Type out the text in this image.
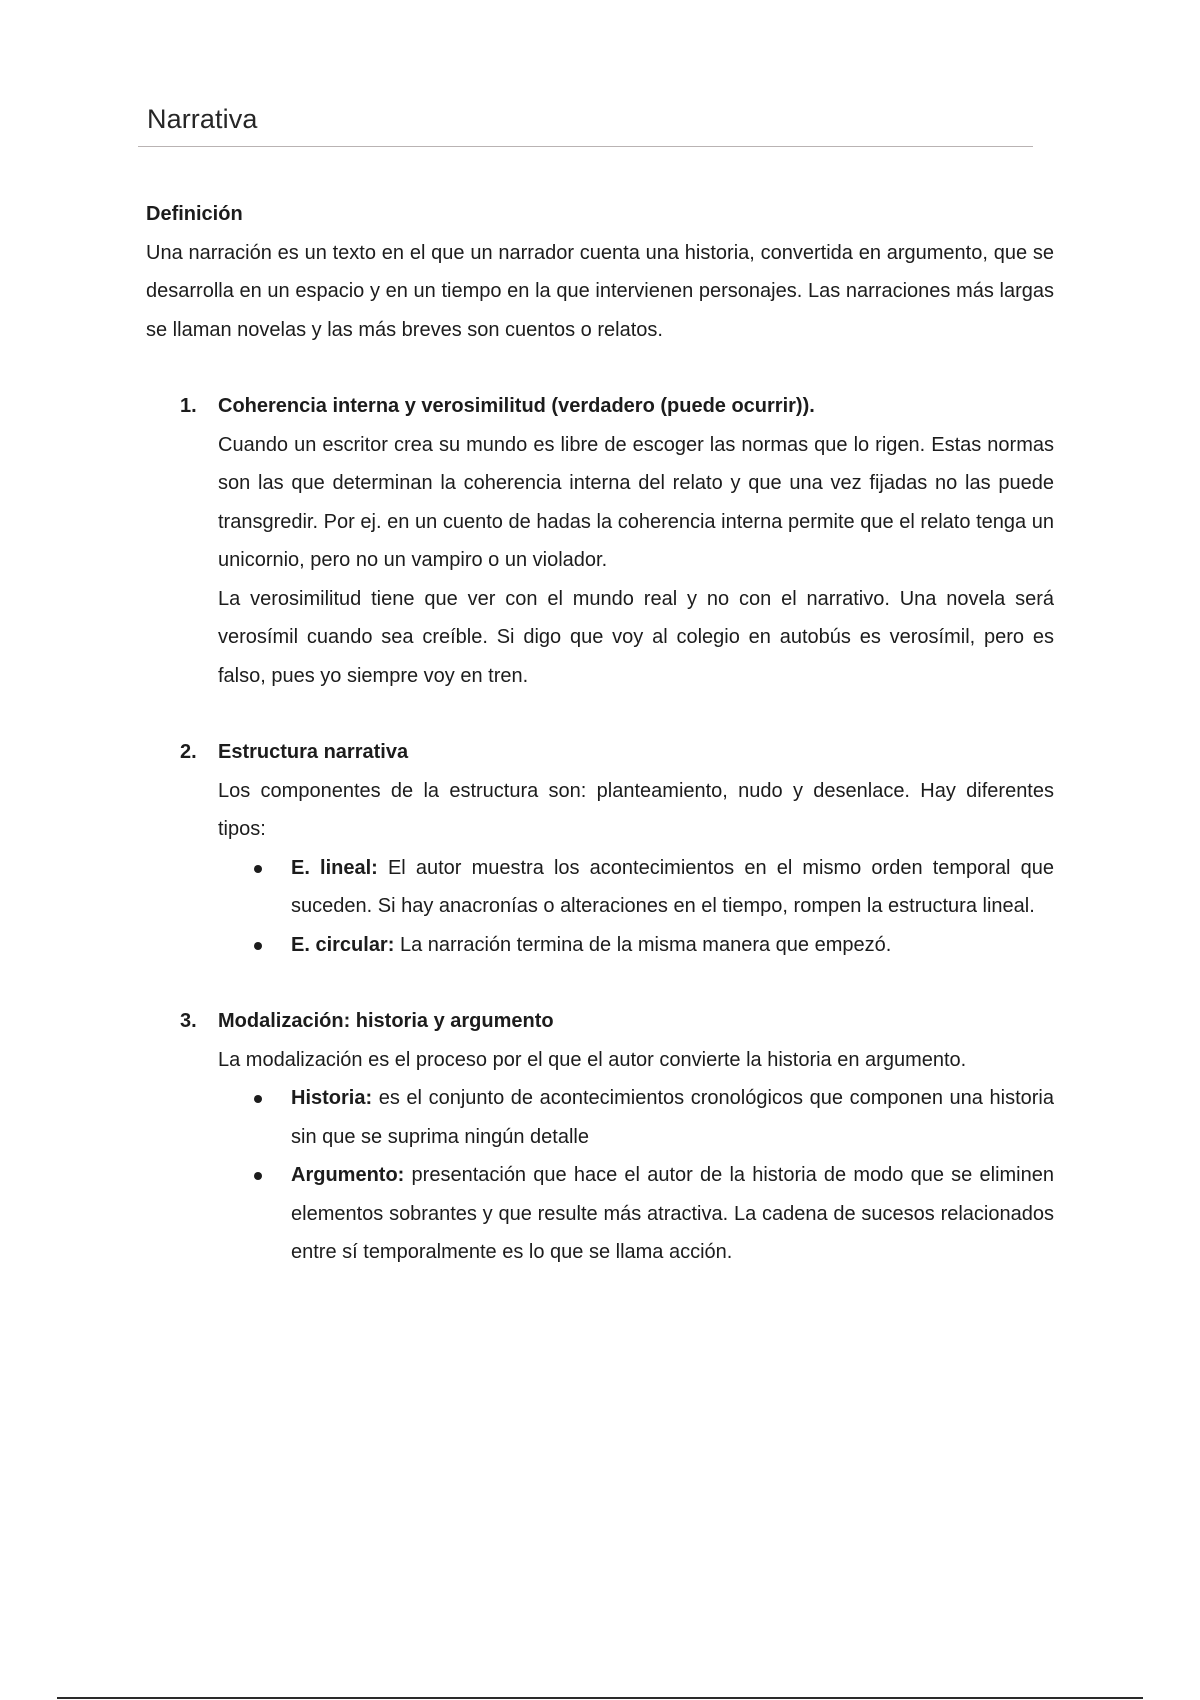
Narrativa

Definición

Una narración es un texto en el que un narrador cuenta una historia, convertida en argumento, que se desarrolla en un espacio y en un tiempo en la que intervienen personajes. Las narraciones más largas se llaman novelas y las más breves son cuentos o relatos.

1. Coherencia interna y verosimilitud (verdadero (puede ocurrir)).

Cuando un escritor crea su mundo es libre de escoger las normas que lo rigen. Estas normas son las que determinan la coherencia interna del relato y que una vez fijadas no las puede transgredir. Por ej. en un cuento de hadas la coherencia interna permite que el relato tenga un unicornio, pero no un vampiro o un violador.

La verosimilitud tiene que ver con el mundo real y no con el narrativo. Una novela será verosímil cuando sea creíble. Si digo que voy al colegio en autobús es verosímil, pero es falso, pues yo siempre voy en tren.

2. Estructura narrativa

Los componentes de la estructura son: planteamiento, nudo y desenlace. Hay diferentes tipos:

E. lineal: El autor muestra los acontecimientos en el mismo orden temporal que suceden. Si hay anacronías o alteraciones en el tiempo, rompen la estructura lineal.
E. circular: La narración termina de la misma manera que empezó.
3. Modalización: historia y argumento

La modalización es el proceso por el que el autor convierte la historia en argumento.

Historia: es el conjunto de acontecimientos cronológicos que componen una historia sin que se suprima ningún detalle
Argumento: presentación que hace el autor de la historia de modo que se eliminen elementos sobrantes y que resulte más atractiva. La cadena de sucesos relacionados entre sí temporalmente es lo que se llama acción.
